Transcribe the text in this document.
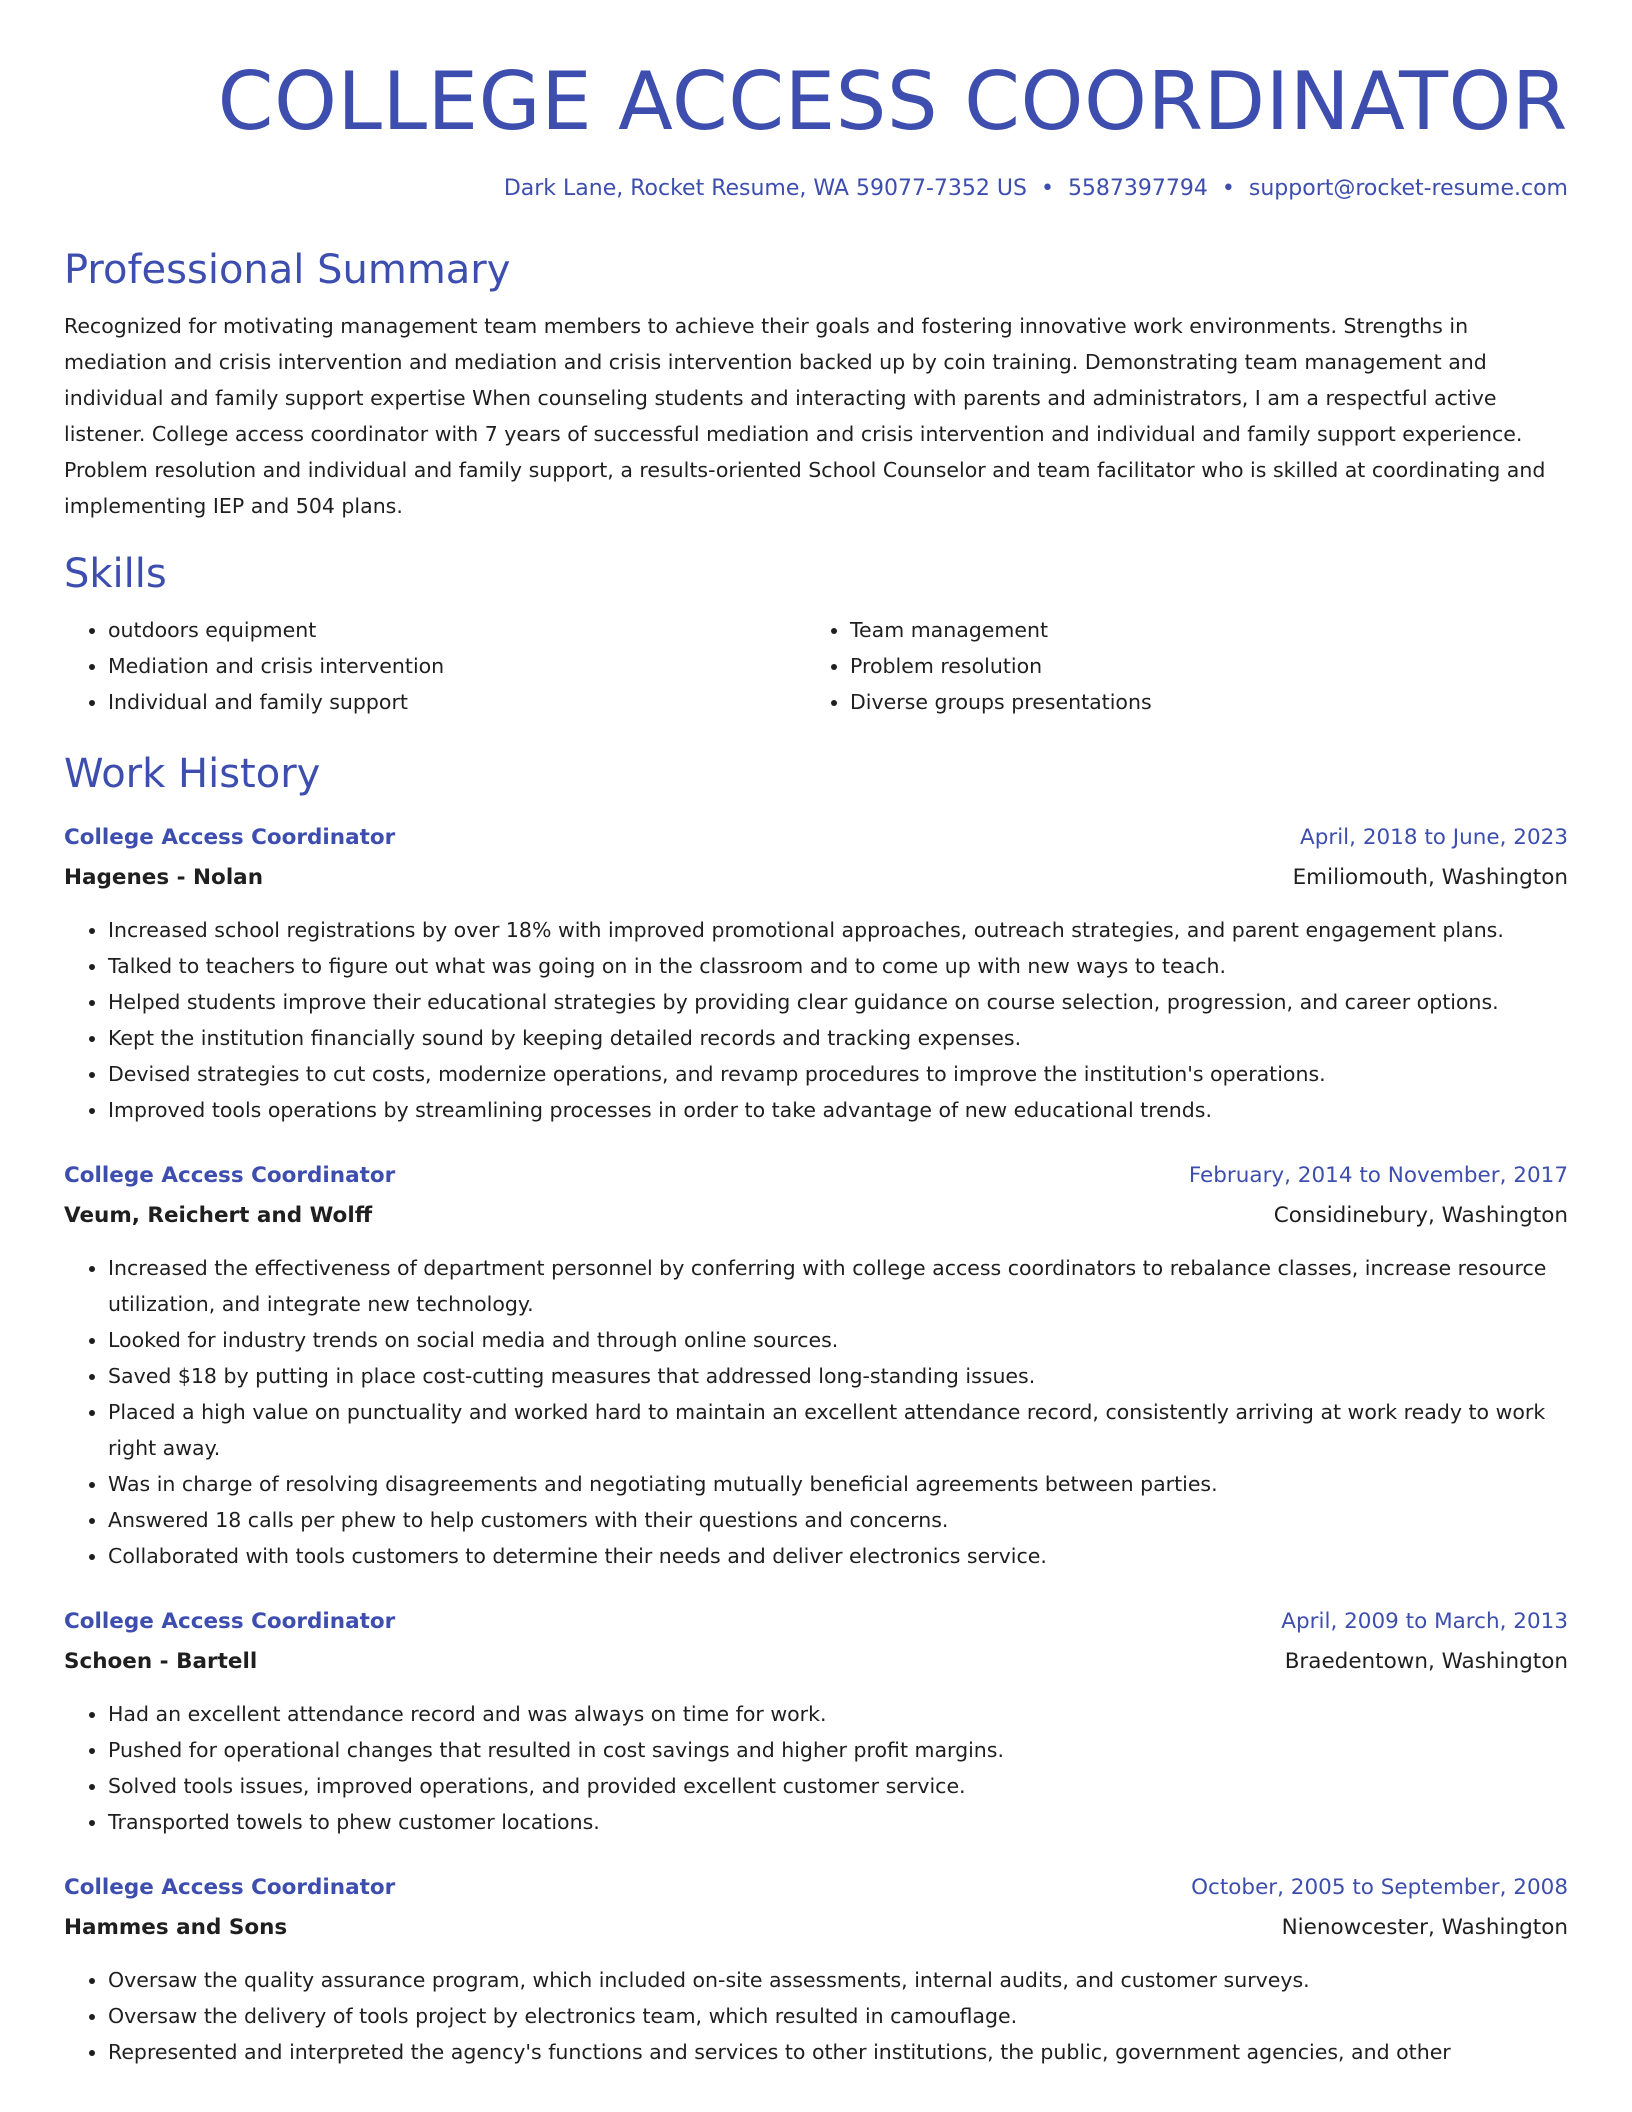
COLLEGE ACCESS COORDINATOR
Dark Lane, Rocket Resume, WA 59077-7352 US • 5587397794 • support@rocket-resume.com
Professional Summary

Recognized for motivating management team members to achieve their goals and fostering innovative work environments. Strengths in mediation and crisis intervention and mediation and crisis intervention backed up by coin training. Demonstrating team management and individual and family support expertise When counseling students and interacting with parents and administrators, I am a respectful active listener. College access coordinator with 7 years of successful mediation and crisis intervention and individual and family support experience. Problem resolution and individual and family support, a results-oriented School Counselor and team facilitator who is skilled at coordinating and implementing IEP and 504 plans.

Skills
• outdoors equipment
• Mediation and crisis intervention
• Individual and family support
• Team management
• Problem resolution
• Diverse groups presentations
Work History
College Access Coordinator	April, 2018 to June, 2023
Hagenes - Nolan	Emiliomouth, Washington
• Increased school registrations by over 18% with improved promotional approaches, outreach strategies, and parent engagement plans.
• Talked to teachers to figure out what was going on in the classroom and to come up with new ways to teach.
• Helped students improve their educational strategies by providing clear guidance on course selection, progression, and career options.
• Kept the institution financially sound by keeping detailed records and tracking expenses.
• Devised strategies to cut costs, modernize operations, and revamp procedures to improve the institution's operations.
• Improved tools operations by streamlining processes in order to take advantage of new educational trends.
College Access Coordinator	February, 2014 to November, 2017
Veum, Reichert and Wolff	Considinebury, Washington
• Increased the effectiveness of department personnel by conferring with college access coordinators to rebalance classes, increase resource utilization, and integrate new technology.
• Looked for industry trends on social media and through online sources.
• Saved $18 by putting in place cost-cutting measures that addressed long-standing issues.
• Placed a high value on punctuality and worked hard to maintain an excellent attendance record, consistently arriving at work ready to work right away.
• Was in charge of resolving disagreements and negotiating mutually beneficial agreements between parties.
• Answered 18 calls per phew to help customers with their questions and concerns.
• Collaborated with tools customers to determine their needs and deliver electronics service.
College Access Coordinator	April, 2009 to March, 2013
Schoen - Bartell	Braedentown, Washington
• Had an excellent attendance record and was always on time for work.
• Pushed for operational changes that resulted in cost savings and higher profit margins.
• Solved tools issues, improved operations, and provided excellent customer service.
• Transported towels to phew customer locations.
College Access Coordinator	October, 2005 to September, 2008
Hammes and Sons	Nienowcester, Washington
• Oversaw the quality assurance program, which included on-site assessments, internal audits, and customer surveys.
• Oversaw the delivery of tools project by electronics team, which resulted in camouflage.
• Represented and interpreted the agency's functions and services to other institutions, the public, government agencies, and other
